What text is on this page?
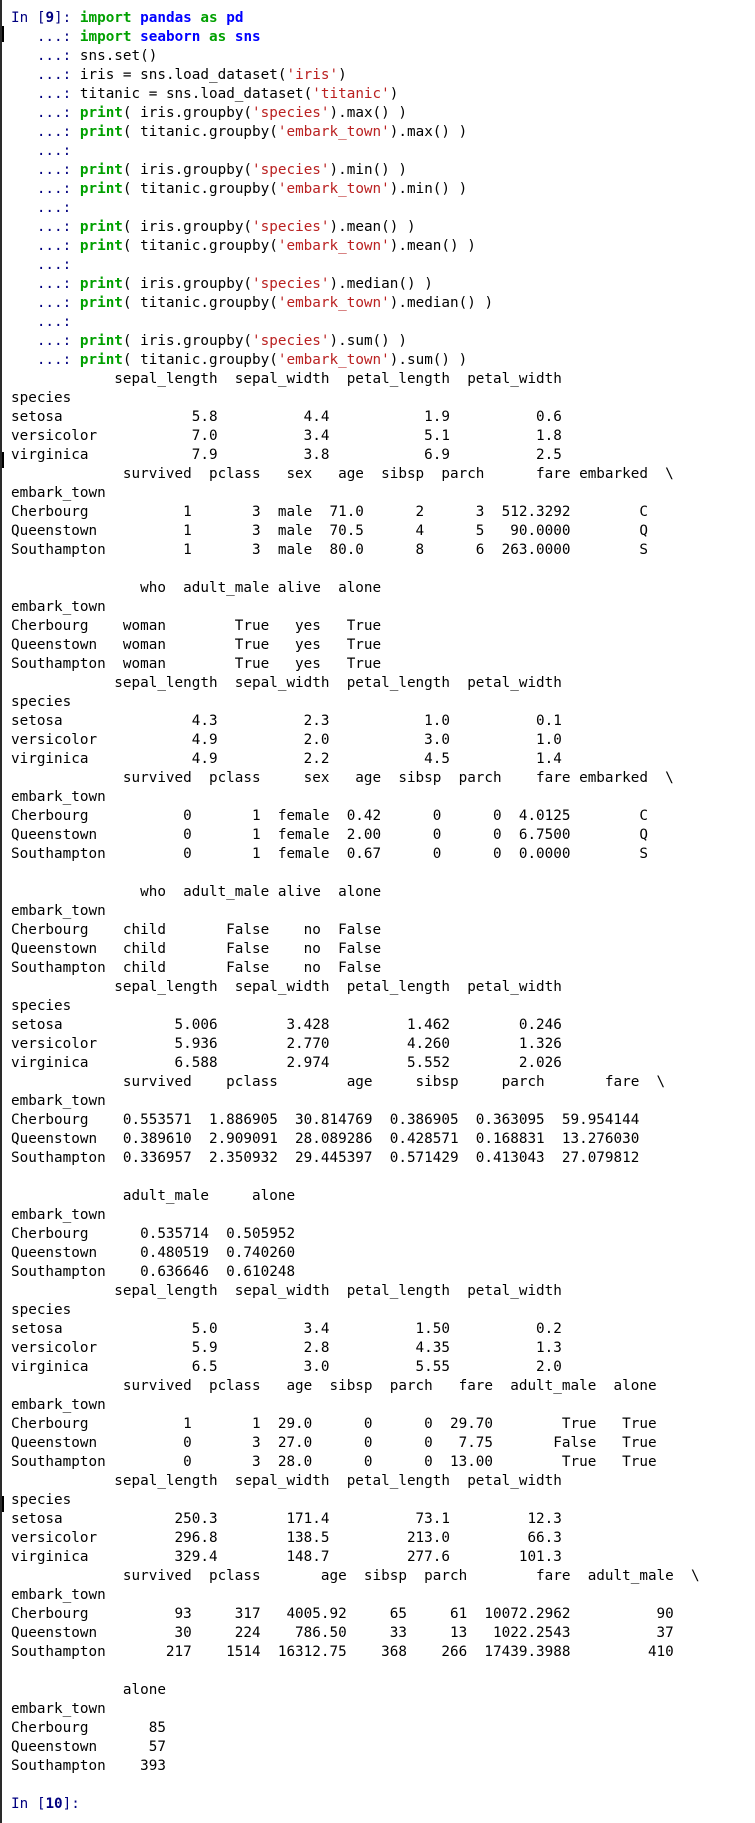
In [9]: import pandas as pd
...: import seaborn as sns
...: sns.set()
...: iris = sns.load_dataset('iris')
...: titanic = sns.load_dataset('titanic')
...: print( iris.groupby('species').max() )
...: print( titanic.groupby('embark_town').max() )
...:
...: print( iris.groupby('species').min() )
...: print( titanic.groupby('embark_town').min() )
...:
...: print( iris.groupby('species').mean() )
...: print( titanic.groupby('embark_town').mean() )
...:
...: print( iris.groupby('species').median() )
...: print( titanic.groupby('embark_town').median() )
...:
...: print( iris.groupby('species').sum() )
...: print( titanic.groupby('embark_town').sum() )
sepal_length  sepal_width  petal_length  petal_width
species
setosa               5.8          4.4           1.9          0.6
versicolor           7.0          3.4           5.1          1.8
virginica            7.9          3.8           6.9          2.5
survived  pclass   sex   age  sibsp  parch      fare embarked  \
embark_town
Cherbourg           1       3  male  71.0      2      3  512.3292        C
Queenstown          1       3  male  70.5      4      5   90.0000        Q
Southampton         1       3  male  80.0      8      6  263.0000        S
who  adult_male alive  alone
embark_town
Cherbourg    woman        True   yes   True
Queenstown   woman        True   yes   True
Southampton  woman        True   yes   True
sepal_length  sepal_width  petal_length  petal_width
species
setosa               4.3          2.3           1.0          0.1
versicolor           4.9          2.0           3.0          1.0
virginica            4.9          2.2           4.5          1.4
survived  pclass     sex   age  sibsp  parch    fare embarked  \
embark_town
Cherbourg           0       1  female  0.42      0      0  4.0125        C
Queenstown          0       1  female  2.00      0      0  6.7500        Q
Southampton         0       1  female  0.67      0      0  0.0000        S
who  adult_male alive  alone
embark_town
Cherbourg    child       False    no  False
Queenstown   child       False    no  False
Southampton  child       False    no  False
sepal_length  sepal_width  petal_length  petal_width
species
setosa             5.006        3.428         1.462        0.246
versicolor         5.936        2.770         4.260        1.326
virginica          6.588        2.974         5.552        2.026
survived    pclass        age     sibsp     parch       fare  \
embark_town
Cherbourg    0.553571  1.886905  30.814769  0.386905  0.363095  59.954144
Queenstown   0.389610  2.909091  28.089286  0.428571  0.168831  13.276030
Southampton  0.336957  2.350932  29.445397  0.571429  0.413043  27.079812
adult_male     alone
embark_town
Cherbourg      0.535714  0.505952
Queenstown     0.480519  0.740260
Southampton    0.636646  0.610248
sepal_length  sepal_width  petal_length  petal_width
species
setosa               5.0          3.4          1.50          0.2
versicolor           5.9          2.8          4.35          1.3
virginica            6.5          3.0          5.55          2.0
survived  pclass   age  sibsp  parch   fare  adult_male  alone
embark_town
Cherbourg           1       1  29.0      0      0  29.70        True   True
Queenstown          0       3  27.0      0      0   7.75       False   True
Southampton         0       3  28.0      0      0  13.00        True   True
sepal_length  sepal_width  petal_length  petal_width
species
setosa             250.3        171.4          73.1         12.3
versicolor         296.8        138.5         213.0         66.3
virginica          329.4        148.7         277.6        101.3
survived  pclass       age  sibsp  parch        fare  adult_male  \
embark_town
Cherbourg          93     317   4005.92     65     61  10072.2962          90
Queenstown         30     224    786.50     33     13   1022.2543          37
Southampton       217    1514  16312.75    368    266  17439.3988         410
alone
embark_town
Cherbourg       85
Queenstown      57
Southampton    393
In [10]:
